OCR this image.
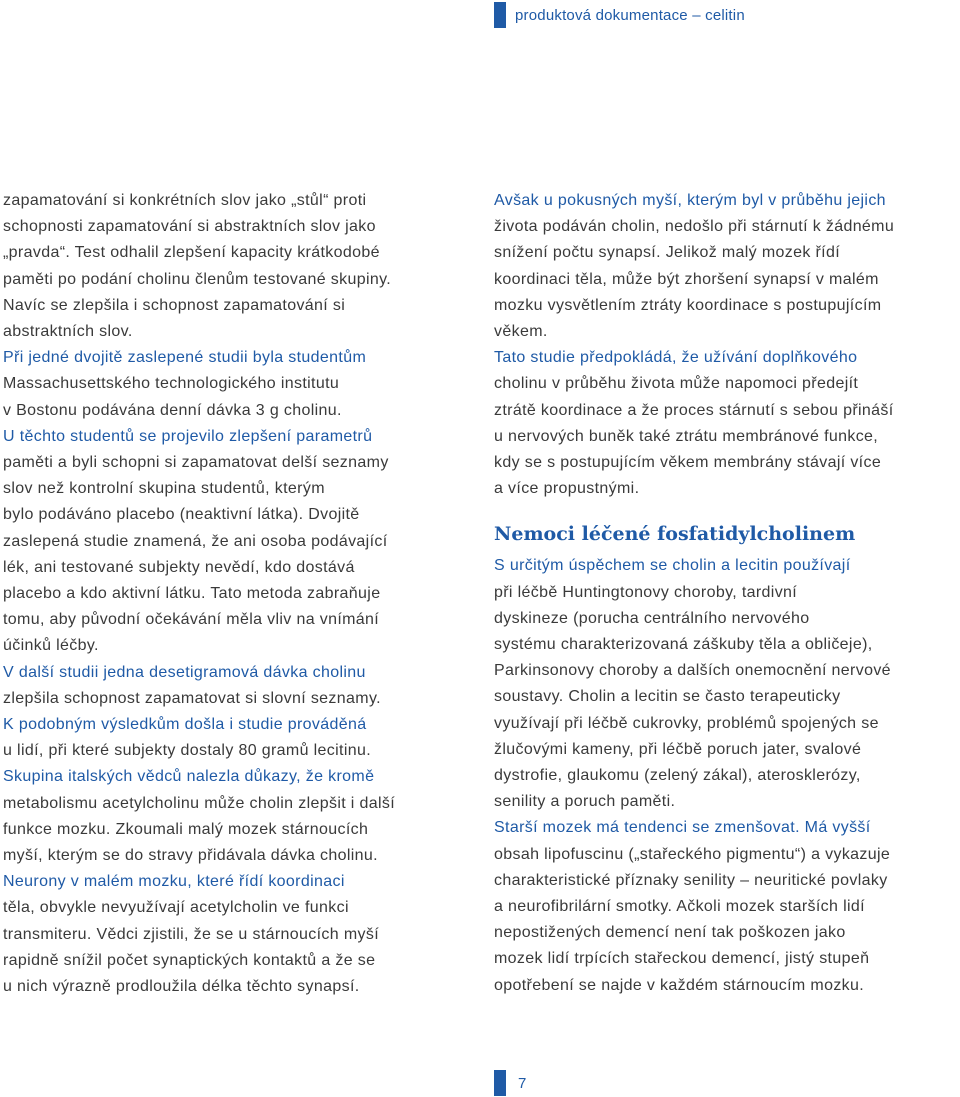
produktová dokumentace – celitin
zapamatování si konkrétních slov jako „stůl“ proti
schopnosti zapamatování si abstraktních slov jako
„pravda“. Test odhalil zlepšení kapacity krátkodobé
paměti po podání cholinu členům testované skupiny.
Navíc se zlepšila i schopnost zapamatování si
abstraktních slov.
Při jedné dvojitě zaslepené studii byla studentům
Massachusettského technologického institutu
v Bostonu podávána denní dávka 3 g cholinu.
U těchto studentů se projevilo zlepšení parametrů
paměti a byli schopni si zapamatovat delší seznamy
slov než kontrolní skupina studentů, kterým
bylo podáváno placebo (neaktivní látka). Dvojitě
zaslepená studie znamená, že ani osoba podávající
lék, ani testované subjekty nevědí, kdo dostává
placebo a kdo aktivní látku. Tato metoda zabraňuje
tomu, aby původní očekávání měla vliv na vnímání
účinků léčby.
V další studii jedna desetigramová dávka cholinu
zlepšila schopnost zapamatovat si slovní seznamy.
K podobným výsledkům došla i studie prováděná
u lidí, při které subjekty dostaly 80 gramů lecitinu.
Skupina italských vědců nalezla důkazy, že kromě
metabolismu acetylcholinu může cholin zlepšit i další
funkce mozku. Zkoumali malý mozek stárnoucích
myší, kterým se do stravy přidávala dávka cholinu.
Neurony v malém mozku, které řídí koordinaci
těla, obvykle nevyužívají acetylcholin ve funkci
transmiteru. Vědci zjistili, že se u stárnoucích myší
rapidně snížil počet synaptických kontaktů a že se
u nich výrazně prodloužila délka těchto synapsí.
Avšak u pokusných myší, kterým byl v průběhu jejich
života podáván cholin, nedošlo při stárnutí k žádnému
snížení počtu synapsí. Jelikož malý mozek řídí
koordinaci těla, může být zhoršení synapsí v malém
mozku vysvětlením ztráty koordinace s postupujícím
věkem.
Tato studie předpokládá, že užívání doplňkového
cholinu v průběhu života může napomoci předejít
ztrátě koordinace a že proces stárnutí s sebou přináší
u nervových buněk také ztrátu membránové funkce,
kdy se s postupujícím věkem membrány stávají více
a více propustnými.
Nemoci léčené fosfatidylcholinem
S určitým úspěchem se cholin a lecitin používají
při léčbě Huntingtonovy choroby, tardivní
dyskineze (porucha centrálního nervového
systému charakterizovaná záškuby těla a obličeje),
Parkinsonovy choroby a dalších onemocnění nervové
soustavy. Cholin a lecitin se často terapeuticky
využívají při léčbě cukrovky, problémů spojených se
žlučovými kameny, při léčbě poruch jater, svalové
dystrofie, glaukomu (zelený zákal), aterosklerózy,
senility a poruch paměti.
Starší mozek má tendenci se zmenšovat. Má vyšší
obsah lipofuscinu („stařeckého pigmentu“) a vykazuje
charakteristické příznaky senility – neuritické povlaky
a neurofibrilární smotky. Ačkoli mozek starších lidí
nepostižených demencí není tak poškozen jako
mozek lidí trpících stařeckou demencí, jistý stupeň
opotřebení se najde v každém stárnoucím mozku.
7
